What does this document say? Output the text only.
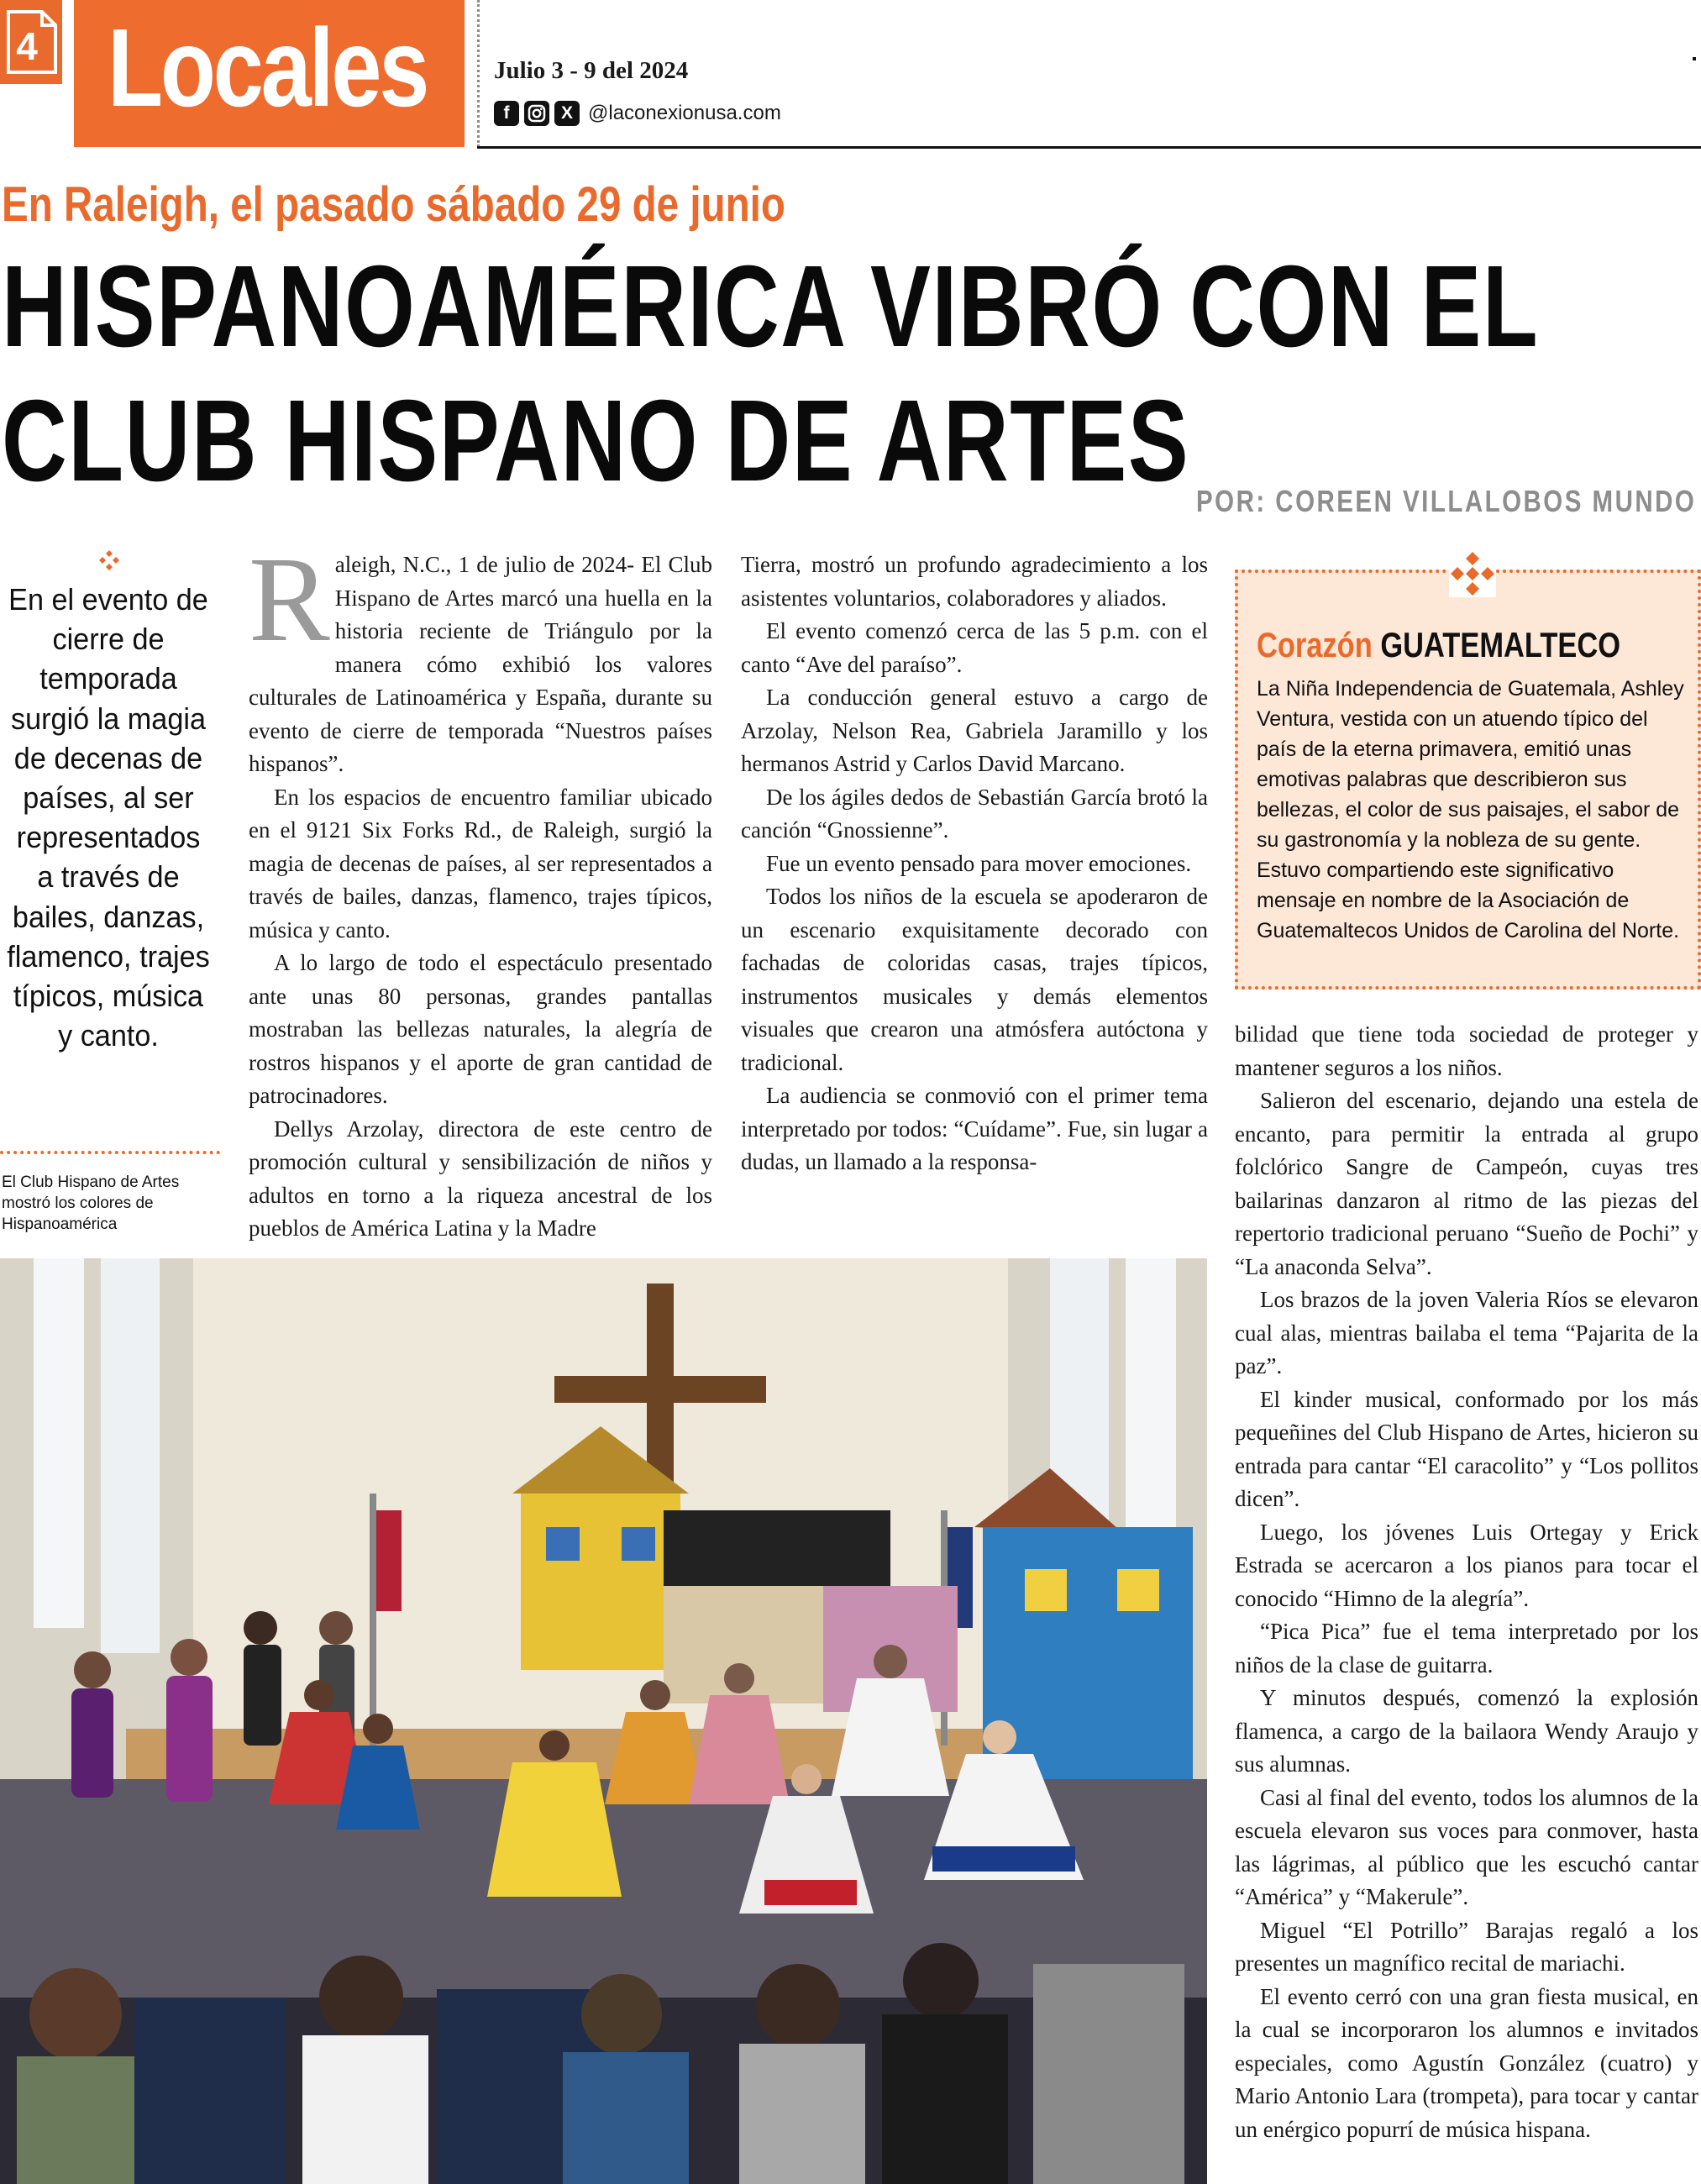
4 Locales	Julio 3 - 9 del 2024
f	X @laconexionusa.com
En Raleigh, el pasado sábado 29 de junio
HISPANOAMÉRICA VIBRÓ CON EL
CLUB HISPANO DE ARTES POR: COREEN VILLALOBOS MUNDO
En el evento de cierre de temporada surgió la magia de decenas de países, al ser representados a través de bailes, danzas, flamenco, trajes típicos, música y canto.
El Club Hispano de Artes mostró los colores de Hispanoamérica

Raleigh, N.C., 1 de julio de 2024- El Club Hispano de Artes marcó una huella en la historia reciente de Triángulo por la manera cómo exhibió los valores culturales de Latinoamérica y España, durante su evento de cierre de temporada “Nuestros países hispanos”.

En los espacios de encuentro familiar ubicado en el 9121 Six Forks Rd., de Raleigh, surgió la magia de decenas de países, al ser representados a través de bailes, danzas, flamenco, trajes típicos, música y canto.

A lo largo de todo el espectáculo presentado ante unas 80 personas, grandes pantallas mostraban las bellezas naturales, la alegría de rostros hispanos y el aporte de gran cantidad de patrocinadores.

Dellys Arzolay, directora de este centro de promoción cultural y sensibilización de niños y adultos en torno a la riqueza ancestral de los pueblos de América Latina y la Madre

Tierra, mostró un profundo agradecimiento a los asistentes voluntarios, colaboradores y aliados.

El evento comenzó cerca de las 5 p.m. con el canto “Ave del paraíso”.

La conducción general estuvo a cargo de Arzolay, Nelson Rea, Gabriela Jaramillo y los hermanos Astrid y Carlos David Marcano.

De los ágiles dedos de Sebastián García brotó la canción “Gnossienne”.

Fue un evento pensado para mover emociones.

Todos los niños de la escuela se apoderaron de un escenario exquisitamente decorado con fachadas de coloridas casas, trajes típicos, instrumentos musicales y demás elementos visuales que crearon una atmósfera autóctona y tradicional.

La audiencia se conmovió con el primer tema interpretado por todos: “Cuídame”. Fue, sin lugar a dudas, un llamado a la responsa-

Corazón GUATEMALTECO
La Niña Independencia de Guatemala, Ashley Ventura, vestida con un atuendo típico del país de la eterna primavera, emitió unas emotivas palabras que describieron sus bellezas, el color de sus paisajes, el sabor de su gastronomía y la nobleza de su gente. Estuvo compartiendo este significativo mensaje en nombre de la Asociación de Guatemaltecos Unidos de Carolina del Norte.

bilidad que tiene toda sociedad de proteger y mantener seguros a los niños.

Salieron del escenario, dejando una estela de encanto, para permitir la entrada al grupo folclórico Sangre de Campeón, cuyas tres bailarinas danzaron al ritmo de las piezas del repertorio tradicional peruano “Sueño de Pochi” y “La anaconda Selva”.

Los brazos de la joven Valeria Ríos se elevaron cual alas, mientras bailaba el tema “Pajarita de la paz”.

El kinder musical, conformado por los más pequeñines del Club Hispano de Artes, hicieron su entrada para cantar “El caracolito” y “Los pollitos dicen”.

Luego, los jóvenes Luis Ortegay y Erick Estrada se acercaron a los pianos para tocar el conocido “Himno de la alegría”.

“Pica Pica” fue el tema interpretado por los niños de la clase de guitarra.

Y minutos después, comenzó la explosión flamenca, a cargo de la bailaora Wendy Araujo y sus alumnas.

Casi al final del evento, todos los alumnos de la escuela elevaron sus voces para conmover, hasta las lágrimas, al público que les escuchó cantar “América” y “Makerule”.

Miguel “El Potrillo” Barajas regaló a los presentes un magnífico recital de mariachi.

El evento cerró con una gran fiesta musical, en la cual se incorporaron los alumnos e invitados especiales, como Agustín González (cuatro) y Mario Antonio Lara (trompeta), para tocar y cantar un enérgico popurrí de música hispana.
